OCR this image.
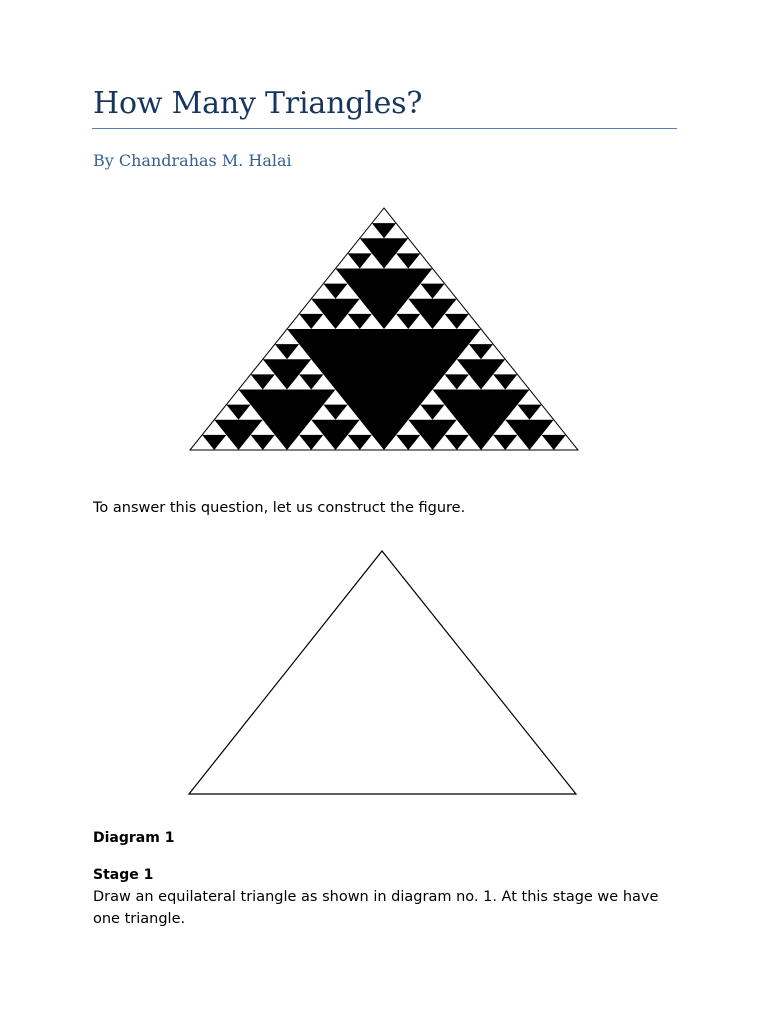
How Many Triangles?

By Chandrahas M. Halai

To answer this question, let us construct the figure.

Diagram 1

Stage 1

Draw an equilateral triangle as shown in diagram no. 1. At this stage we have one triangle.
